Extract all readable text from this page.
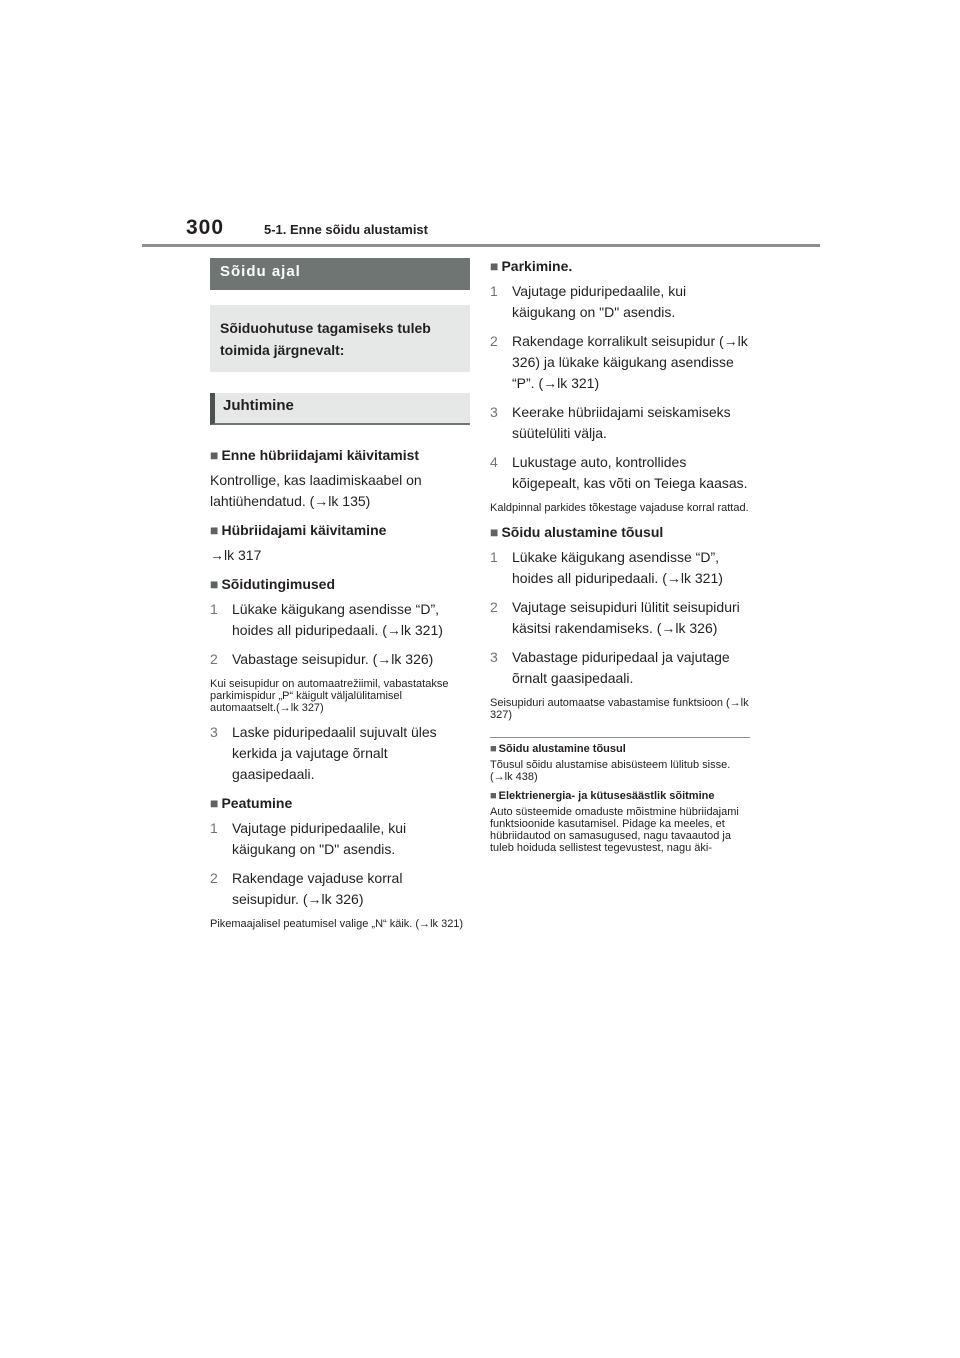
300	5-1. Enne sõidu alustamist
Sõidu ajal
Sõiduohutuse tagamiseks tuleb toimida järgnevalt:
Juhtimine
■ Enne hübriidajami käivitamist
Kontrollige, kas laadimiskaabel on lahtiühendatud. (→lk 135)
■ Hübriidajami käivitamine
→lk 317
■ Sõidutingimused
1	Lükake käigukang asendisse “D”, hoides all piduripedaali. (→lk 321)
2	Vabastage seisupidur. (→lk 326)
Kui seisupidur on automaatrežiimil, vabastatakse parkimispidur „P“ käigult väljalülitamisel automaatselt.(→lk 327)
3	Laske piduripedaalil sujuvalt üles kerkida ja vajutage õrnalt gaasipedaali.
■ Peatumine
1	Vajutage piduripedaalile, kui käigukang on "D" asendis.
2	Rakendage vajaduse korral seisupidur. (→lk 326)
Pikemaajalisel peatumisel valige „N“ käik. (→lk 321)
■ Parkimine.
1	Vajutage piduripedaalile, kui käigukang on "D" asendis.
2	Rakendage korralikult seisupidur (→lk 326) ja lükake käigukang asendisse “P”. (→lk 321)
3	Keerake hübriidajami seiskamiseks süütelüliti välja.
4	Lukustage auto, kontrollides kõigepealt, kas võti on Teiega kaasas.
Kaldpinnal parkides tõkestage vajaduse korral rattad.
■ Sõidu alustamine tõusul
1	Lükake käigukang asendisse “D”, hoides all piduripedaali. (→lk 321)
2	Vajutage seisupiduri lülitit seisupiduri käsitsi rakendamiseks. (→lk 326)
3	Vabastage piduripedaal ja vajutage õrnalt gaasipedaali.
Seisupiduri automaatse vabastamise funktsioon (→lk 327)
■ Sõidu alustamine tõusul
Tõusul sõidu alustamise abisüsteem lülitub sisse. (→lk 438)
■ Elektrienergia- ja kütusesäästlik sõitmine
Auto süsteemide omaduste mõistmine hübriidajami funktsioonide kasutamisel. Pidage ka meeles, et hübriidautod on samasugused, nagu tavaautod ja tuleb hoiduda sellistest tegevustest, nagu äki-
